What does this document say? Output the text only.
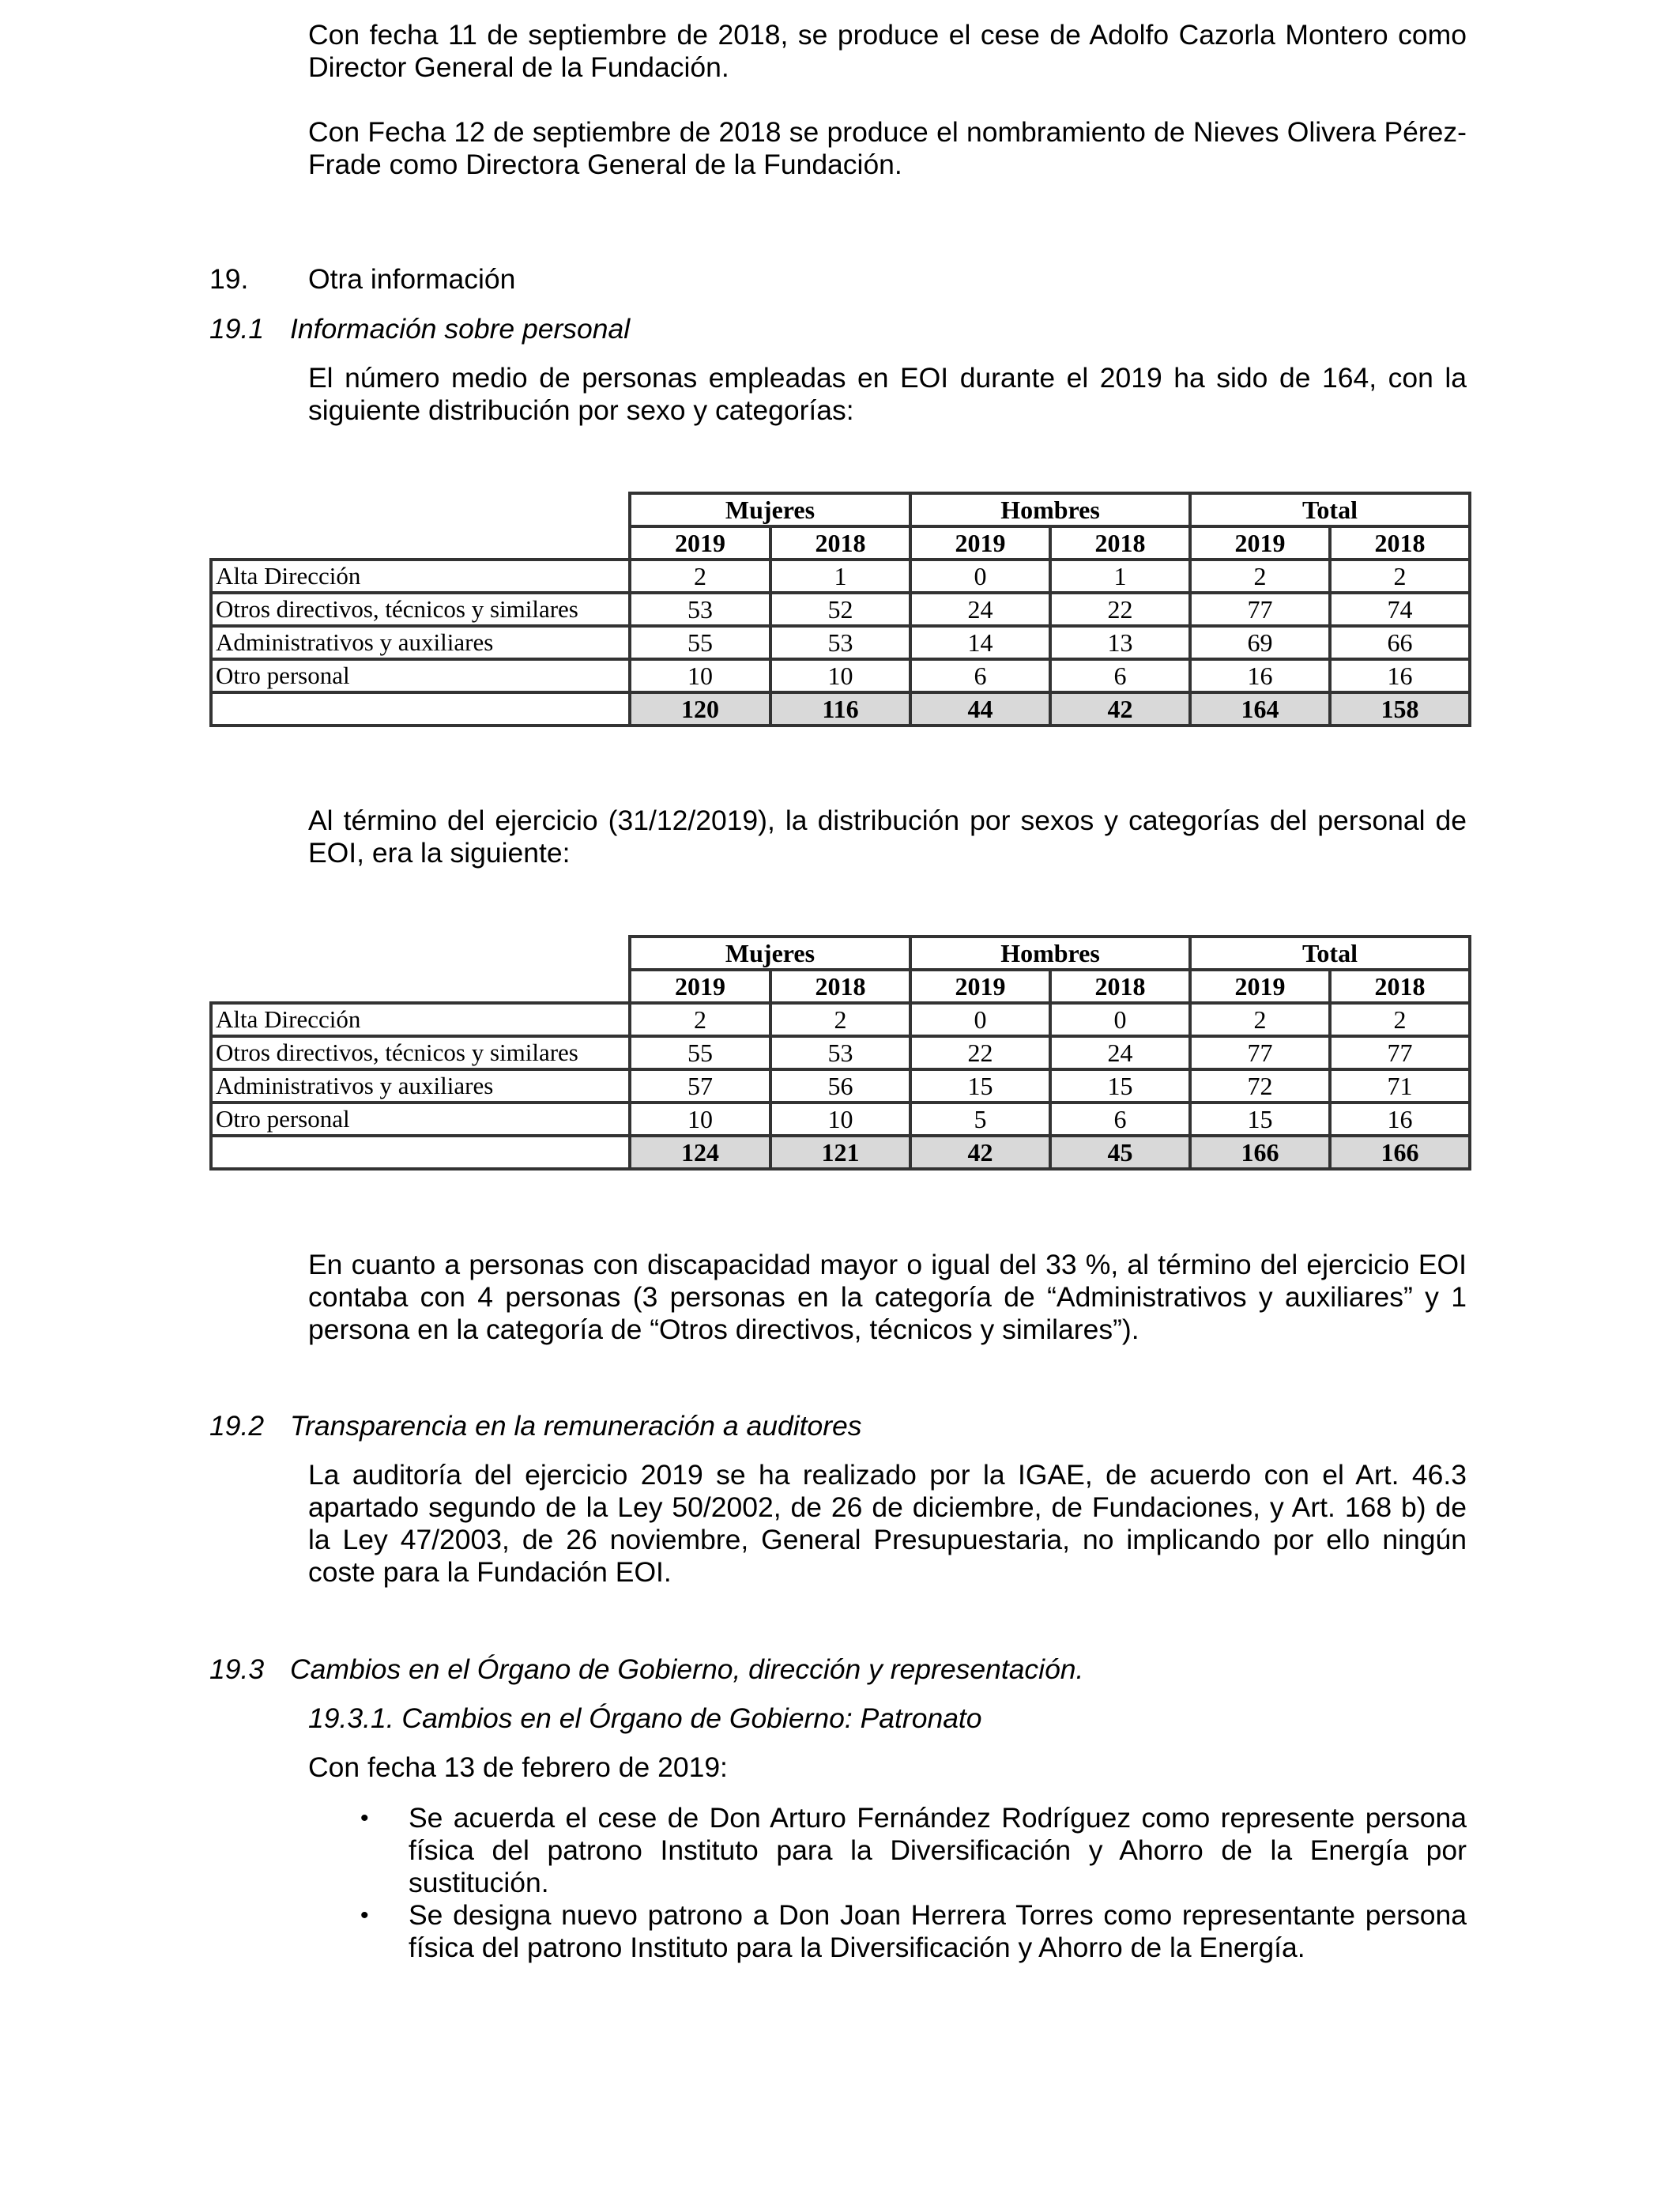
Con fecha 11 de septiembre de 2018, se produce el cese de Adolfo Cazorla Montero como Director General de la Fundación.

Con Fecha 12 de septiembre de 2018 se produce el nombramiento de Nieves Olivera Pérez-Frade como Directora General de la Fundación.

19. Otra información
19.1 Información sobre personal

El número medio de personas empleadas en EOI durante el 2019 ha sido de 164, con la siguiente distribución por sexo y categorías:

	Mujeres		Hombres		Total	
	2019	2018	2019	2018	2019	2018
Alta Dirección	2	1	0	1	2	2
Otros directivos, técnicos y similares	53	52	24	22	77	74
Administrativos y auxiliares	55	53	14	13	69	66
Otro personal	10	10	6	6	16	16
	120	116	44	42	164	158

Al término del ejercicio (31/12/2019), la distribución por sexos y categorías del personal de EOI, era la siguiente:

	Mujeres		Hombres		Total	
	2019	2018	2019	2018	2019	2018
Alta Dirección	2	2	0	0	2	2
Otros directivos, técnicos y similares	55	53	22	24	77	77
Administrativos y auxiliares	57	56	15	15	72	71
Otro personal	10	10	5	6	15	16
	124	121	42	45	166	166

En cuanto a personas con discapacidad mayor o igual del 33 %, al término del ejercicio EOI contaba con 4 personas (3 personas en la categoría de “Administrativos y auxiliares” y 1 persona en la categoría de “Otros directivos, técnicos y similares”).

19.2 Transparencia en la remuneración a auditores

La auditoría del ejercicio 2019 se ha realizado por la IGAE, de acuerdo con el Art. 46.3 apartado segundo de la Ley 50/2002, de 26 de diciembre, de Fundaciones, y Art. 168 b) de la Ley 47/2003, de 26 noviembre, General Presupuestaria, no implicando por ello ningún coste para la Fundación EOI.

19.3 Cambios en el Órgano de Gobierno, dirección y representación.
19.3.1. Cambios en el Órgano de Gobierno: Patronato
Con fecha 13 de febrero de 2019:
• Se acuerda el cese de Don Arturo Fernández Rodríguez como represente persona física del patrono Instituto para la Diversificación y Ahorro de la Energía por sustitución.
• Se designa nuevo patrono a Don Joan Herrera Torres como representante persona física del patrono Instituto para la Diversificación y Ahorro de la Energía.
